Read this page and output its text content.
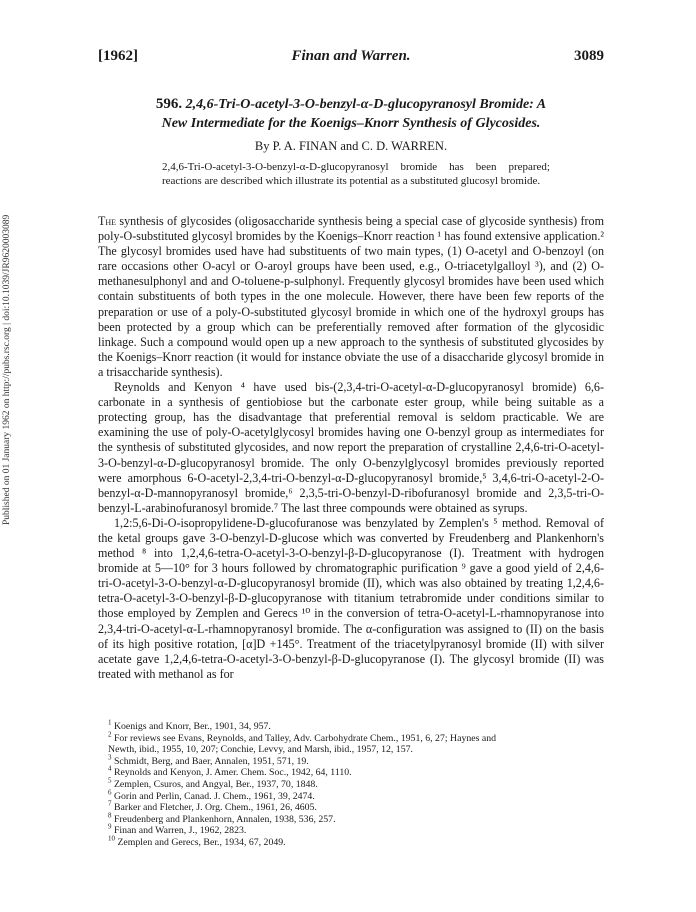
Published on 01 January 1962 on http://pubs.rsc.org | doi:10.1039/JR9620003089
[1962]	Finan and Warren.	3089
596. 2,4,6-Tri-O-acetyl-3-O-benzyl-α-D-glucopyranosyl Bromide: A
New Intermediate for the Koenigs–Knorr Synthesis of Glycosides.
By P. A. FINAN and C. D. WARREN.
2,4,6-Tri-O-acetyl-3-O-benzyl-α-D-glucopyranosyl bromide has been prepared; reactions are described which illustrate its potential as a substituted glucosyl bromide.

The synthesis of glycosides (oligosaccharide synthesis being a special case of glycoside synthesis) from poly-O-substituted glycosyl bromides by the Koenigs–Knorr reaction ¹ has found extensive application.² The glycosyl bromides used have had substituents of two main types, (1) O-acetyl and O-benzoyl (on rare occasions other O-acyl or O-aroyl groups have been used, e.g., O-triacetylgalloyl ³), and (2) O-methanesulphonyl and and O-toluene-p-sulphonyl. Frequently glycosyl bromides have been used which contain substituents of both types in the one molecule. However, there have been few reports of the preparation or use of a poly-O-substituted glycosyl bromide in which one of the hydroxyl groups has been protected by a group which can be preferentially removed after formation of the glycosidic linkage. Such a compound would open up a new approach to the synthesis of substituted glycosides by the Koenigs–Knorr reaction (it would for instance obviate the use of a disaccharide glycosyl bromide in a trisaccharide synthesis).

Reynolds and Kenyon ⁴ have used bis-(2,3,4-tri-O-acetyl-α-D-glucopyranosyl bromide) 6,6-carbonate in a synthesis of gentiobiose but the carbonate ester group, while being suitable as a protecting group, has the disadvantage that preferential removal is seldom practicable. We are examining the use of poly-O-acetylglycosyl bromides having one O-benzyl group as intermediates for the synthesis of substituted glycosides, and now report the preparation of crystalline 2,4,6-tri-O-acetyl-3-O-benzyl-α-D-glucopyranosyl bromide. The only O-benzylglycosyl bromides previously reported were amorphous 6-O-acetyl-2,3,4-tri-O-benzyl-α-D-glucopyranosyl bromide,⁵ 3,4,6-tri-O-acetyl-2-O-benzyl-α-D-mannopyranosyl bromide,⁶ 2,3,5-tri-O-benzyl-D-ribofuranosyl bromide and 2,3,5-tri-O-benzyl-L-arabinofuranosyl bromide.⁷ The last three compounds were obtained as syrups.

1,2:5,6-Di-O-isopropylidene-D-glucofuranose was benzylated by Zemplen's ⁵ method. Removal of the ketal groups gave 3-O-benzyl-D-glucose which was converted by Freudenberg and Plankenhorn's method ⁸ into 1,2,4,6-tetra-O-acetyl-3-O-benzyl-β-D-glucopyranose (I). Treatment with hydrogen bromide at 5—10° for 3 hours followed by chromatographic purification ⁹ gave a good yield of 2,4,6-tri-O-acetyl-3-O-benzyl-α-D-glucopyranosyl bromide (II), which was also obtained by treating 1,2,4,6-tetra-O-acetyl-3-O-benzyl-β-D-glucopyranose with titanium tetrabromide under conditions similar to those employed by Zemplen and Gerecs ¹⁰ in the conversion of tetra-O-acetyl-L-rhamnopyranose into 2,3,4-tri-O-acetyl-α-L-rhamnopyranosyl bromide. The α-configuration was assigned to (II) on the basis of its high positive rotation, [α]D +145°. Treatment of the triacetylpyranosyl bromide (II) with silver acetate gave 1,2,4,6-tetra-O-acetyl-3-O-benzyl-β-D-glucopyranose (I). The glycosyl bromide (II) was treated with methanol as for

$^1$ Koenigs and Knorr, Ber., 1901, 34, 957.
$^2$ For reviews see Evans, Reynolds, and Talley, Adv. Carbohydrate Chem., 1951, 6, 27; Haynes and
Newth, ibid., 1955, 10, 207; Conchie, Levvy, and Marsh, ibid., 1957, 12, 157.
$^3$ Schmidt, Berg, and Baer, Annalen, 1951, 571, 19.
$^4$ Reynolds and Kenyon, J. Amer. Chem. Soc., 1942, 64, 1110.
$^5$ Zemplen, Csuros, and Angyal, Ber., 1937, 70, 1848.
$^6$ Gorin and Perlin, Canad. J. Chem., 1961, 39, 2474.
$^7$ Barker and Fletcher, J. Org. Chem., 1961, 26, 4605.
$^8$ Freudenberg and Plankenhorn, Annalen, 1938, 536, 257.
$^9$ Finan and Warren, J., 1962, 2823.
$^{10}$ Zemplen and Gerecs, Ber., 1934, 67, 2049.
